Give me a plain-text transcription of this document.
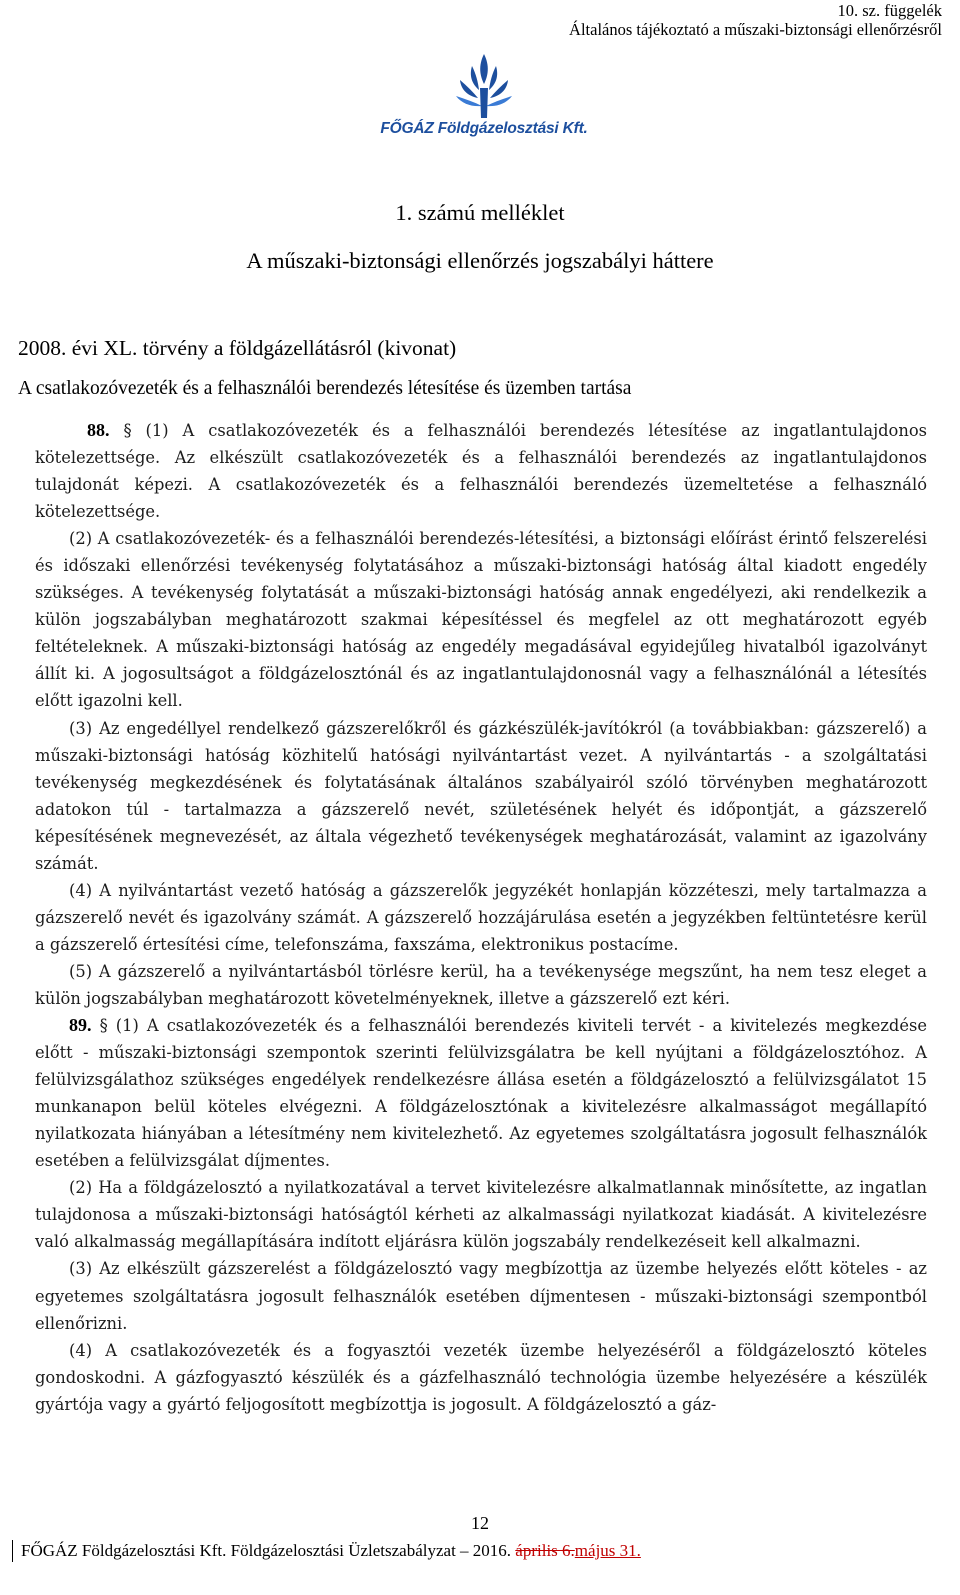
10. sz. függelék
Általános tájékoztató a műszaki-biztonsági ellenőrzésről
FŐGÁZ Földgázelosztási Kft.
1. számú melléklet
A műszaki-biztonsági ellenőrzés jogszabályi háttere
2008. évi XL. törvény a földgázellátásról (kivonat)
A csatlakozóvezeték és a felhasználói berendezés létesítése és üzemben tartása

88. § (1) A csatlakozóvezeték és a felhasználói berendezés létesítése az ingatlantulajdonos kötelezettsége. Az elkészült csatlakozóvezeték és a felhasználói berendezés az ingatlantulajdonos tulajdonát képezi. A csatlakozóvezeték és a felhasználói berendezés üzemeltetése a felhasználó kötelezettsége.

(2) A csatlakozóvezeték- és a felhasználói berendezés-létesítési, a biztonsági előírást érintő felszerelési és időszaki ellenőrzési tevékenység folytatásához a műszaki-biztonsági hatóság által kiadott engedély szükséges. A tevékenység folytatását a műszaki-biztonsági hatóság annak engedélyezi, aki rendelkezik a külön jogszabályban meghatározott szakmai képesítéssel és megfelel az ott meghatározott egyéb feltételeknek. A műszaki-biztonsági hatóság az engedély megadásával egyidejűleg hivatalból igazolványt állít ki. A jogosultságot a földgázelosztónál és az ingatlantulajdonosnál vagy a felhasználónál a létesítés előtt igazolni kell.

(3) Az engedéllyel rendelkező gázszerelőkről és gázkészülék-javítókról (a továbbiakban: gázszerelő) a műszaki-biztonsági hatóság közhitelű hatósági nyilvántartást vezet. A nyilvántartás - a szolgáltatási tevékenység megkezdésének és folytatásának általános szabályairól szóló törvényben meghatározott adatokon túl - tartalmazza a gázszerelő nevét, születésének helyét és időpontját, a gázszerelő képesítésének megnevezését, az általa végezhető tevékenységek meghatározását, valamint az igazolvány számát.

(4) A nyilvántartást vezető hatóság a gázszerelők jegyzékét honlapján közzéteszi, mely tartalmazza a gázszerelő nevét és igazolvány számát. A gázszerelő hozzájárulása esetén a jegyzékben feltüntetésre kerül a gázszerelő értesítési címe, telefonszáma, faxszáma, elektronikus postacíme.

(5) A gázszerelő a nyilvántartásból törlésre kerül, ha a tevékenysége megszűnt, ha nem tesz eleget a külön jogszabályban meghatározott követelményeknek, illetve a gázszerelő ezt kéri.

89. § (1) A csatlakozóvezeték és a felhasználói berendezés kiviteli tervét - a kivitelezés megkezdése előtt - műszaki-biztonsági szempontok szerinti felülvizsgálatra be kell nyújtani a földgázelosztóhoz. A felülvizsgálathoz szükséges engedélyek rendelkezésre állása esetén a földgázelosztó a felülvizsgálatot 15 munkanapon belül köteles elvégezni. A földgázelosztónak a kivitelezésre alkalmasságot megállapító nyilatkozata hiányában a létesítmény nem kivitelezhető. Az egyetemes szolgáltatásra jogosult felhasználók esetében a felülvizsgálat díjmentes.

(2) Ha a földgázelosztó a nyilatkozatával a tervet kivitelezésre alkalmatlannak minősítette, az ingatlan tulajdonosa a műszaki-biztonsági hatóságtól kérheti az alkalmassági nyilatkozat kiadását. A kivitelezésre való alkalmasság megállapítására indított eljárásra külön jogszabály rendelkezéseit kell alkalmazni.

(3) Az elkészült gázszerelést a földgázelosztó vagy megbízottja az üzembe helyezés előtt köteles - az egyetemes szolgáltatásra jogosult felhasználók esetében díjmentesen - műszaki-biztonsági szempontból ellenőrizni.

(4) A csatlakozóvezeték és a fogyasztói vezeték üzembe helyezéséről a földgázelosztó köteles gondoskodni. A gázfogyasztó készülék és a gázfelhasználó technológia üzembe helyezésére a készülék gyártója vagy a gyártó feljogosított megbízottja is jogosult. A földgázelosztó a gáz-

12
FŐGÁZ Földgázelosztási Kft. Földgázelosztási Üzletszabályzat – 2016. április 6.május 31.
